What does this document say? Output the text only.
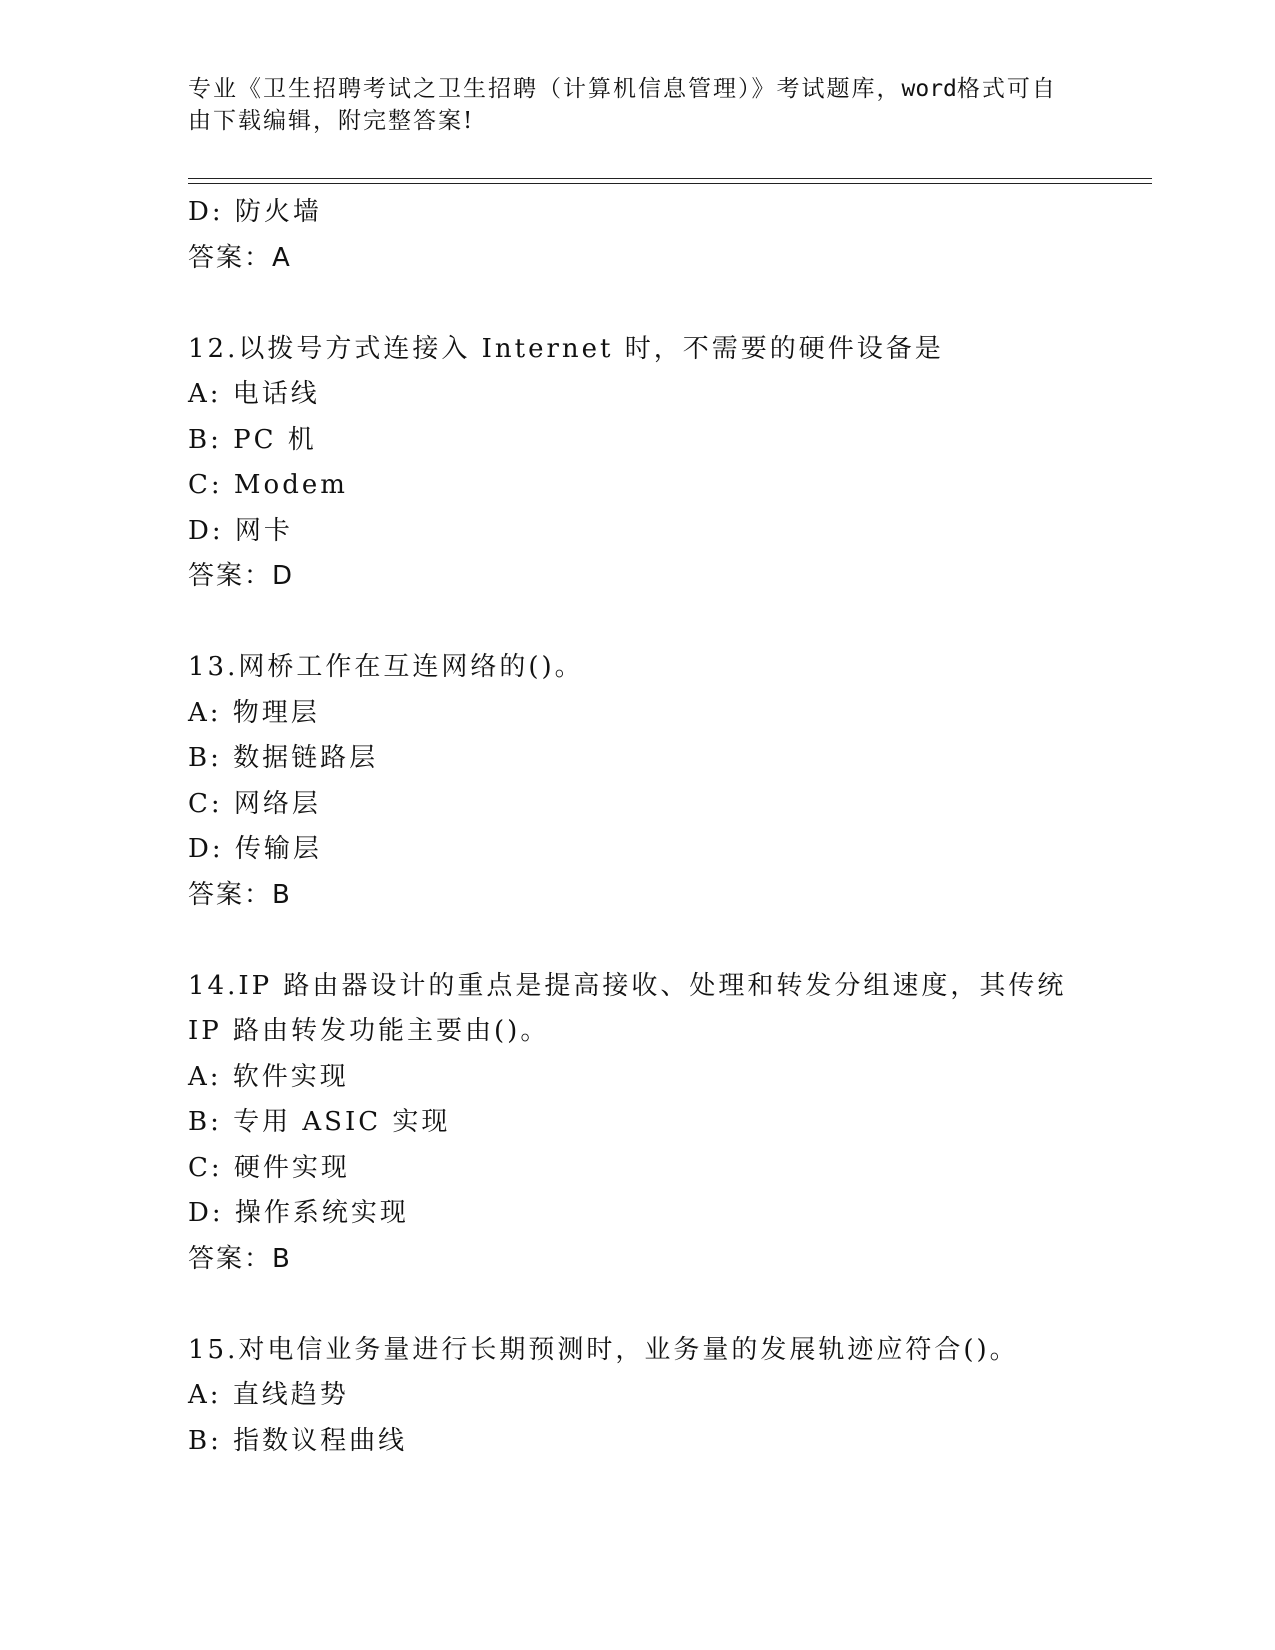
专业《卫生招聘考试之卫生招聘（计算机信息管理）》考试题库，word格式可自
由下载编辑，附完整答案!
D: 防火墙
答案：A
12.以拨号方式连接入 Internet 时，不需要的硬件设备是
A: 电话线
B: PC 机
C: Modem
D: 网卡
答案：D
13.网桥工作在互连网络的()。
A: 物理层
B: 数据链路层
C: 网络层
D: 传输层
答案：B
14.IP 路由器设计的重点是提高接收、处理和转发分组速度，其传统
IP 路由转发功能主要由()。
A: 软件实现
B: 专用 ASIC 实现
C: 硬件实现
D: 操作系统实现
答案：B
15.对电信业务量进行长期预测时，业务量的发展轨迹应符合()。
A: 直线趋势
B: 指数议程曲线
